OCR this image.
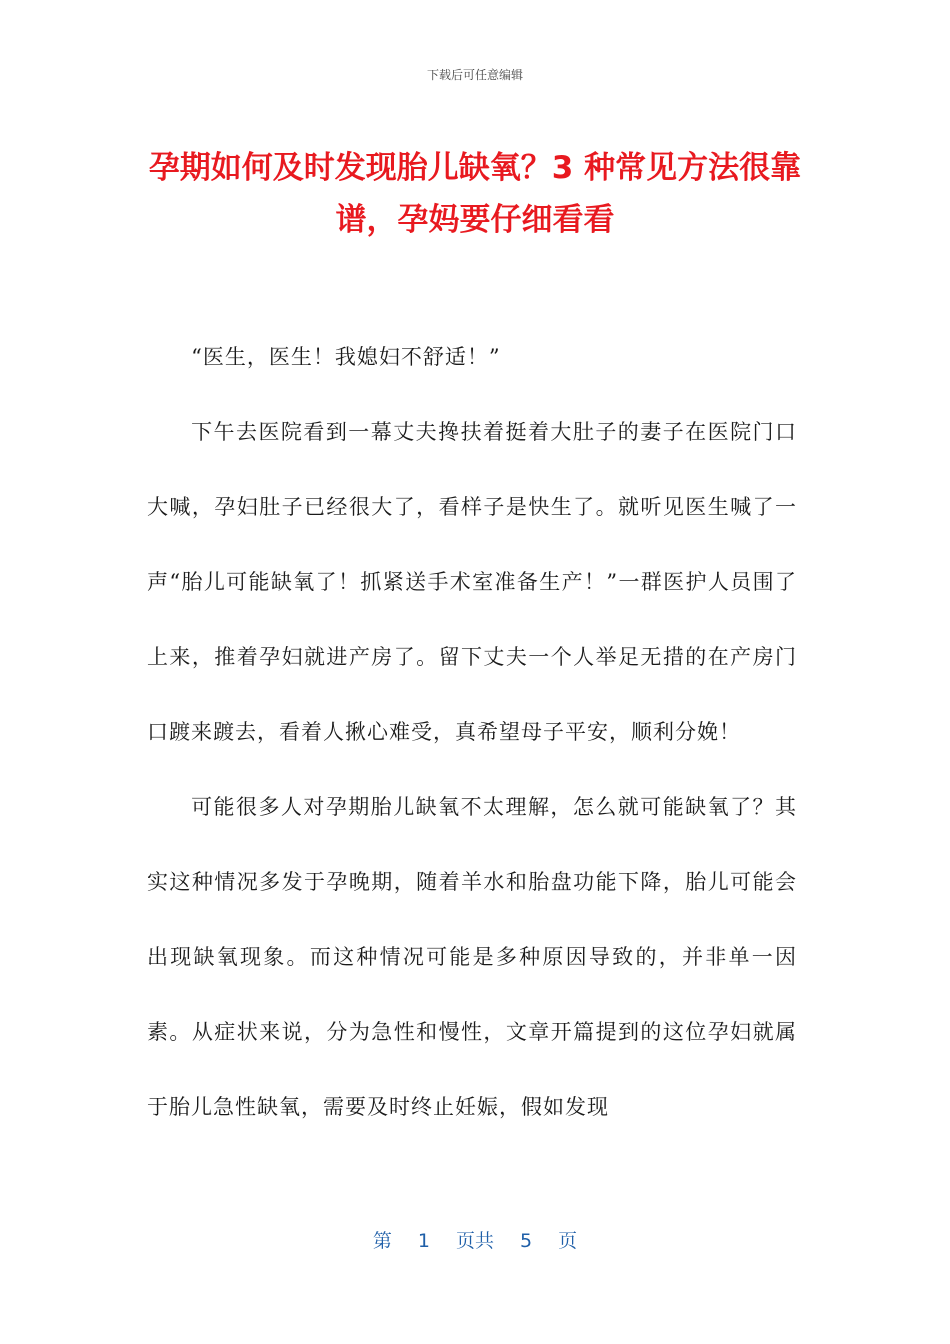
下载后可任意编辑
孕期如何及时发现胎儿缺氧？3 种常见方法很靠谱，孕妈要仔细看看

“医生，医生！我媳妇不舒适！”

下午去医院看到一幕丈夫搀扶着挺着大肚子的妻子在医院门口大喊，孕妇肚子已经很大了，看样子是快生了。就听见医生喊了一声“胎儿可能缺氧了！抓紧送手术室准备生产！”一群医护人员围了上来，推着孕妇就进产房了。留下丈夫一个人举足无措的在产房门口踱来踱去，看着人揪心难受，真希望母子平安，顺利分娩！

可能很多人对孕期胎儿缺氧不太理解，怎么就可能缺氧了？其实这种情况多发于孕晚期，随着羊水和胎盘功能下降，胎儿可能会出现缺氧现象。而这种情况可能是多种原因导致的，并非单一因素。从症状来说，分为急性和慢性，文章开篇提到的这位孕妇就属于胎儿急性缺氧，需要及时终止妊娠，假如发现

第 1 页共 5 页
